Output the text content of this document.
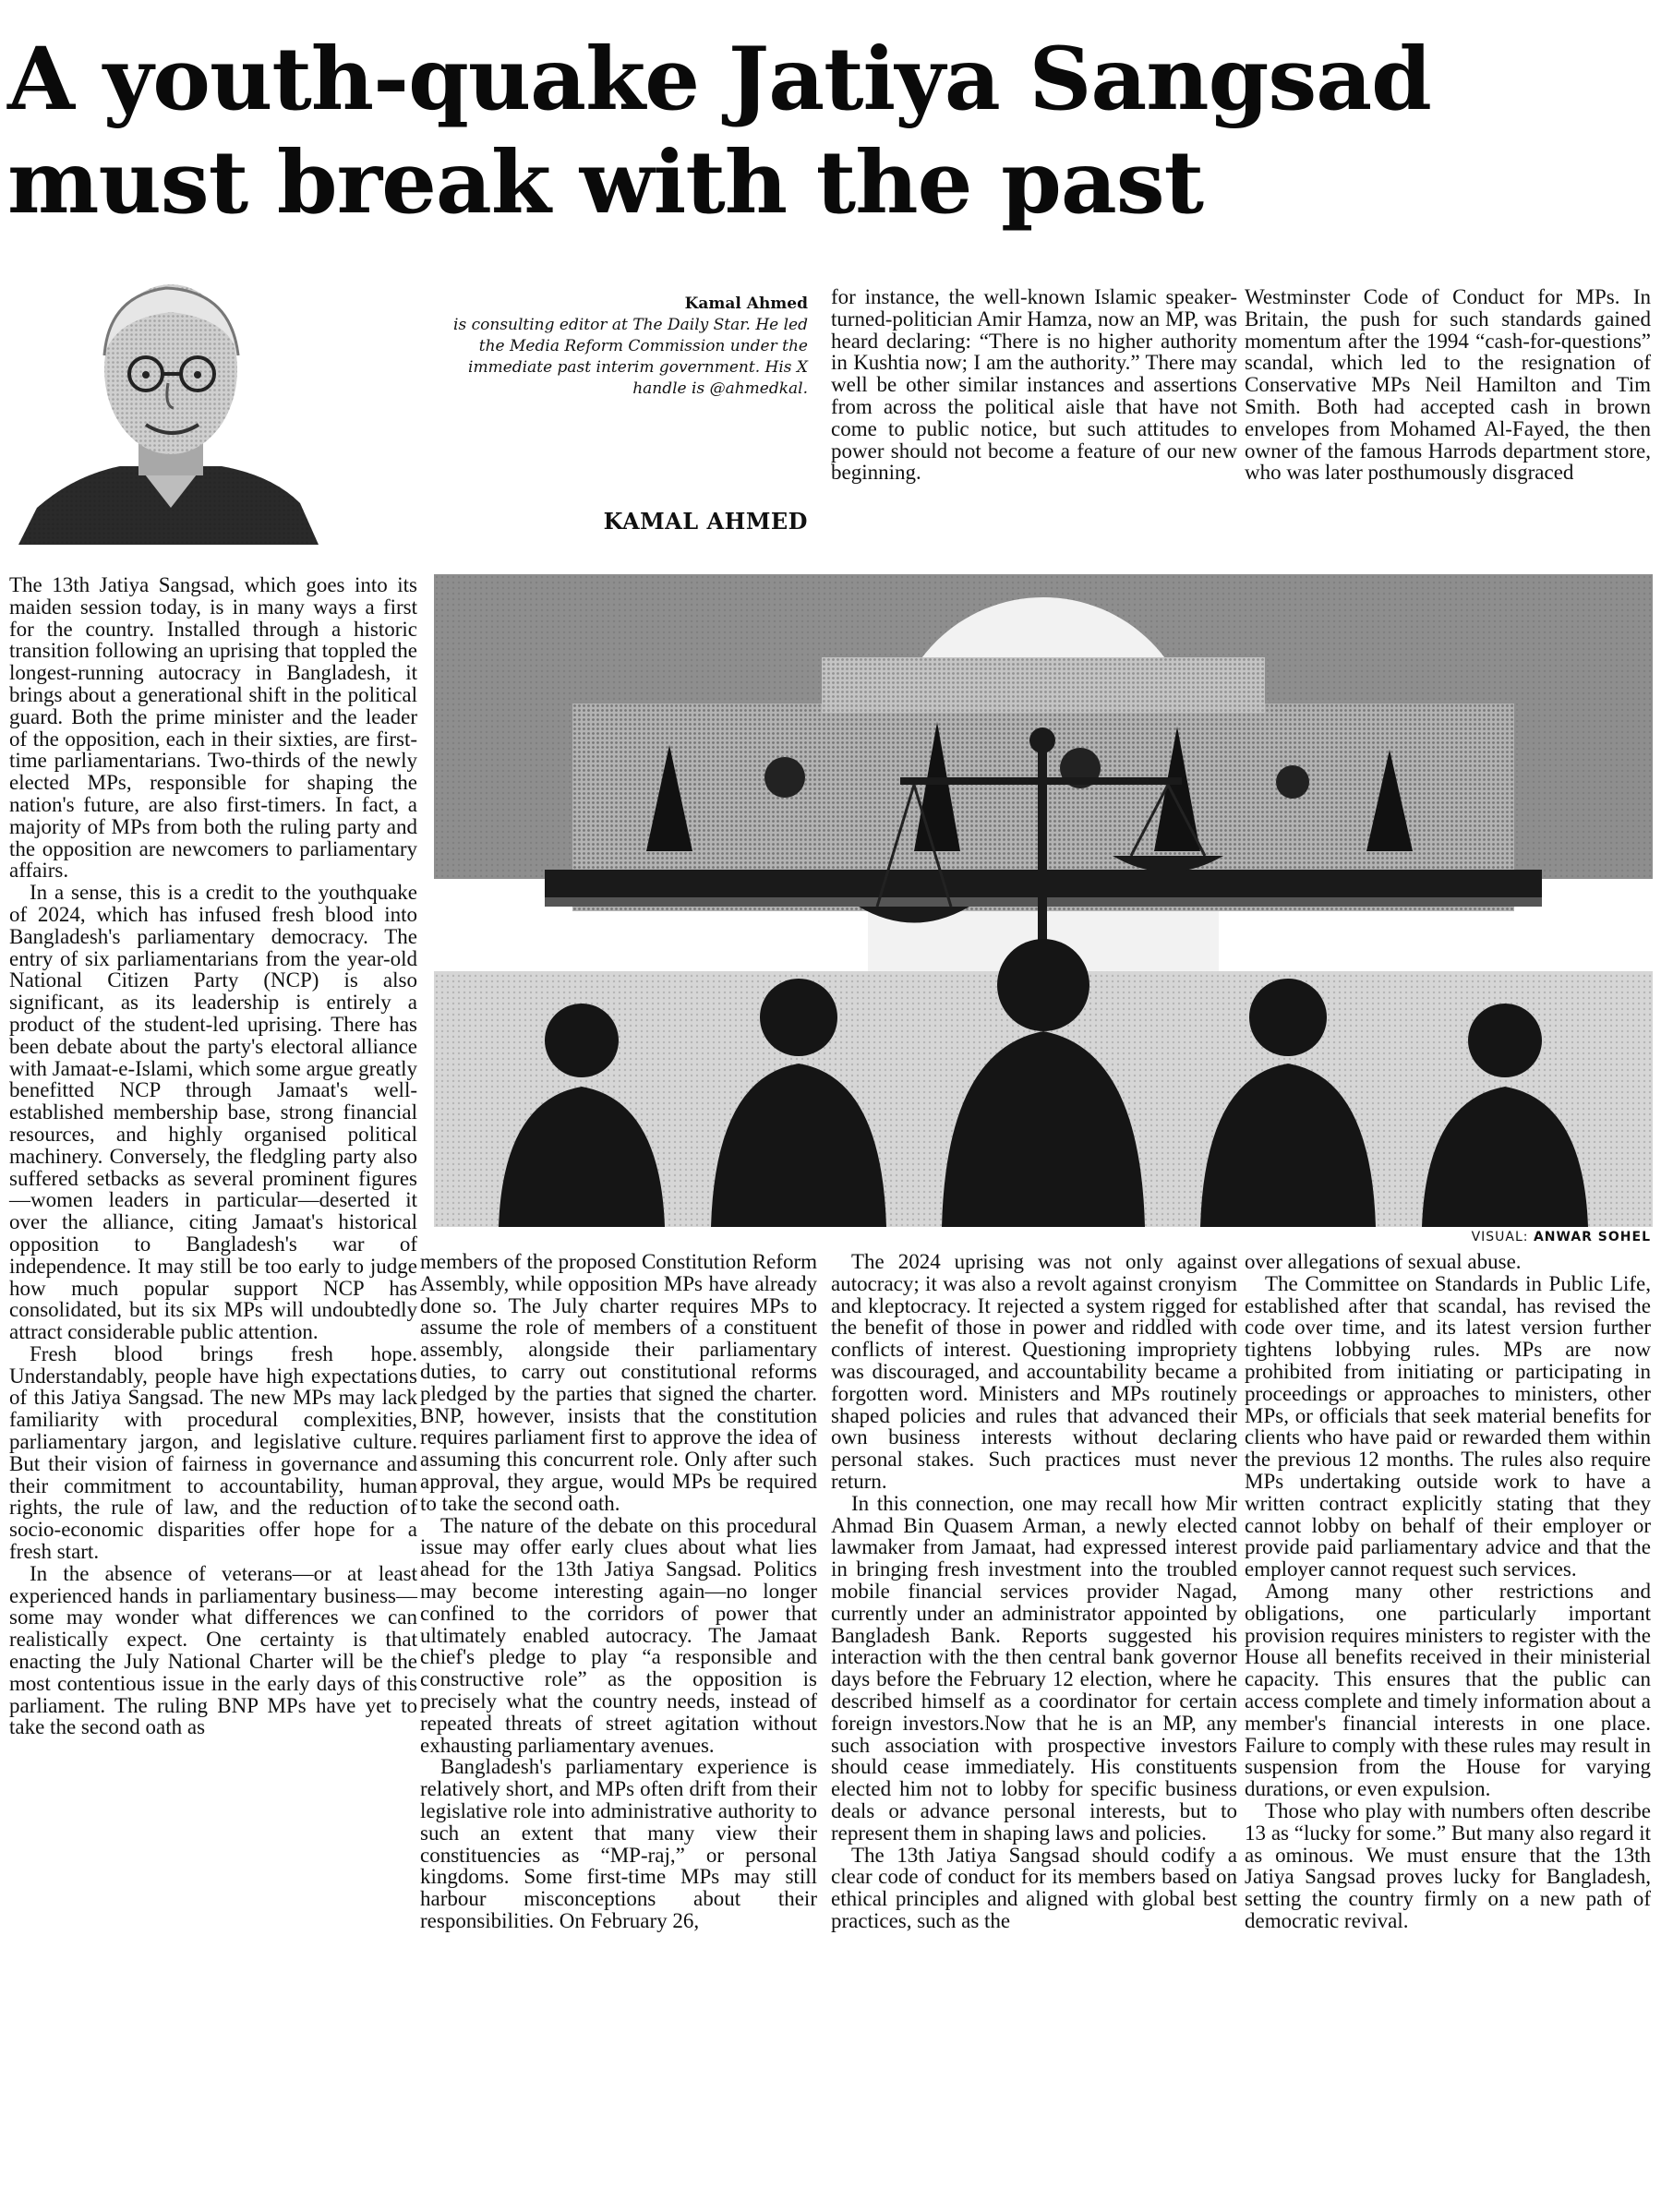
A youth-quake Jatiya Sangsad
must break with the past
Kamal Ahmed
is consulting editor at The Daily Star. He led the Media Reform Commission under the immediate past interim government. His X handle is @ahmedkal.
KAMAL AHMED

for instance, the well-known Islamic speaker-turned-politician Amir Hamza, now an MP, was heard declaring: “There is no higher authority in Kushtia now; I am the authority.” There may well be other similar instances and assertions from across the political aisle that have not come to public notice, but such attitudes to power should not become a feature of our new beginning.

Westminster Code of Conduct for MPs. In Britain, the push for such standards gained momentum after the 1994 “cash-for-questions” scandal, which led to the resignation of Conservative MPs Neil Hamilton and Tim Smith. Both had accepted cash in brown envelopes from Mohamed Al-Fayed, the then owner of the famous Harrods department store, who was later posthumously disgraced

The 13th Jatiya Sangsad, which goes into its maiden session today, is in many ways a first for the country. Installed through a historic transition following an uprising that toppled the longest-running autocracy in Bangladesh, it brings about a generational shift in the political guard. Both the prime minister and the leader of the opposition, each in their sixties, are first-time parliamentarians. Two-thirds of the newly elected MPs, responsible for shaping the nation's future, are also first-timers. In fact, a majority of MPs from both the ruling party and the opposition are newcomers to parliamentary affairs.

In a sense, this is a credit to the youthquake of 2024, which has infused fresh blood into Bangladesh's parliamentary democracy. The entry of six parliamentarians from the year-old National Citizen Party (NCP) is also significant, as its leadership is entirely a product of the student-led uprising. There has been debate about the party's electoral alliance with Jamaat-e-Islami, which some argue greatly benefitted NCP through Jamaat's well-established membership base, strong financial resources, and highly organised political machinery. Conversely, the fledgling party also suffered setbacks as several prominent figures—women leaders in particular—deserted it over the alliance, citing Jamaat's historical opposition to Bangladesh's war of independence. It may still be too early to judge how much popular support NCP has consolidated, but its six MPs will undoubtedly attract considerable public attention.

Fresh blood brings fresh hope. Understandably, people have high expectations of this Jatiya Sangsad. The new MPs may lack familiarity with procedural complexities, parliamentary jargon, and legislative culture. But their vision of fairness in governance and their commitment to accountability, human rights, the rule of law, and the reduction of socio-economic disparities offer hope for a fresh start.

In the absence of veterans—or at least experienced hands in parliamentary business—some may wonder what differences we can realistically expect. One certainty is that enacting the July National Charter will be the most contentious issue in the early days of this parliament. The ruling BNP MPs have yet to take the second oath as

VISUAL: ANWAR SOHEL

members of the proposed Constitution Reform Assembly, while opposition MPs have already done so. The July charter requires MPs to assume the role of members of a constituent assembly, alongside their parliamentary duties, to carry out constitutional reforms pledged by the parties that signed the charter. BNP, however, insists that the constitution requires parliament first to approve the idea of assuming this concurrent role. Only after such approval, they argue, would MPs be required to take the second oath.

The nature of the debate on this procedural issue may offer early clues about what lies ahead for the 13th Jatiya Sangsad. Politics may become interesting again—no longer confined to the corridors of power that ultimately enabled autocracy. The Jamaat chief's pledge to play “a responsible and constructive role” as the opposition is precisely what the country needs, instead of repeated threats of street agitation without exhausting parliamentary avenues.

Bangladesh's parliamentary experience is relatively short, and MPs often drift from their legislative role into administrative authority to such an extent that many view their constituencies as “MP-raj,” or personal kingdoms. Some first-time MPs may still harbour misconceptions about their responsibilities. On February 26,

The 2024 uprising was not only against autocracy; it was also a revolt against cronyism and kleptocracy. It rejected a system rigged for the benefit of those in power and riddled with conflicts of interest. Questioning impropriety was discouraged, and accountability became a forgotten word. Ministers and MPs routinely shaped policies and rules that advanced their own business interests without declaring personal stakes. Such practices must never return.

In this connection, one may recall how Mir Ahmad Bin Quasem Arman, a newly elected lawmaker from Jamaat, had expressed interest in bringing fresh investment into the troubled mobile financial services provider Nagad, currently under an administrator appointed by Bangladesh Bank. Reports suggested his interaction with the then central bank governor days before the February 12 election, where he described himself as a coordinator for certain foreign investors.Now that he is an MP, any such association with prospective investors should cease immediately. His constituents elected him not to lobby for specific business deals or advance personal interests, but to represent them in shaping laws and policies.

The 13th Jatiya Sangsad should codify a clear code of conduct for its members based on ethical principles and aligned with global best practices, such as the

over allegations of sexual abuse.

The Committee on Standards in Public Life, established after that scandal, has revised the code over time, and its latest version further tightens lobbying rules. MPs are now prohibited from initiating or participating in proceedings or approaches to ministers, other MPs, or officials that seek material benefits for clients who have paid or rewarded them within the previous 12 months. The rules also require MPs undertaking outside work to have a written contract explicitly stating that they cannot lobby on behalf of their employer or provide paid parliamentary advice and that the employer cannot request such services.

Among many other restrictions and obligations, one particularly important provision requires ministers to register with the House all benefits received in their ministerial capacity. This ensures that the public can access complete and timely information about a member's financial interests in one place. Failure to comply with these rules may result in suspension from the House for varying durations, or even expulsion.

Those who play with numbers often describe 13 as “lucky for some.” But many also regard it as ominous. We must ensure that the 13th Jatiya Sangsad proves lucky for Bangladesh, setting the country firmly on a new path of democratic revival.
